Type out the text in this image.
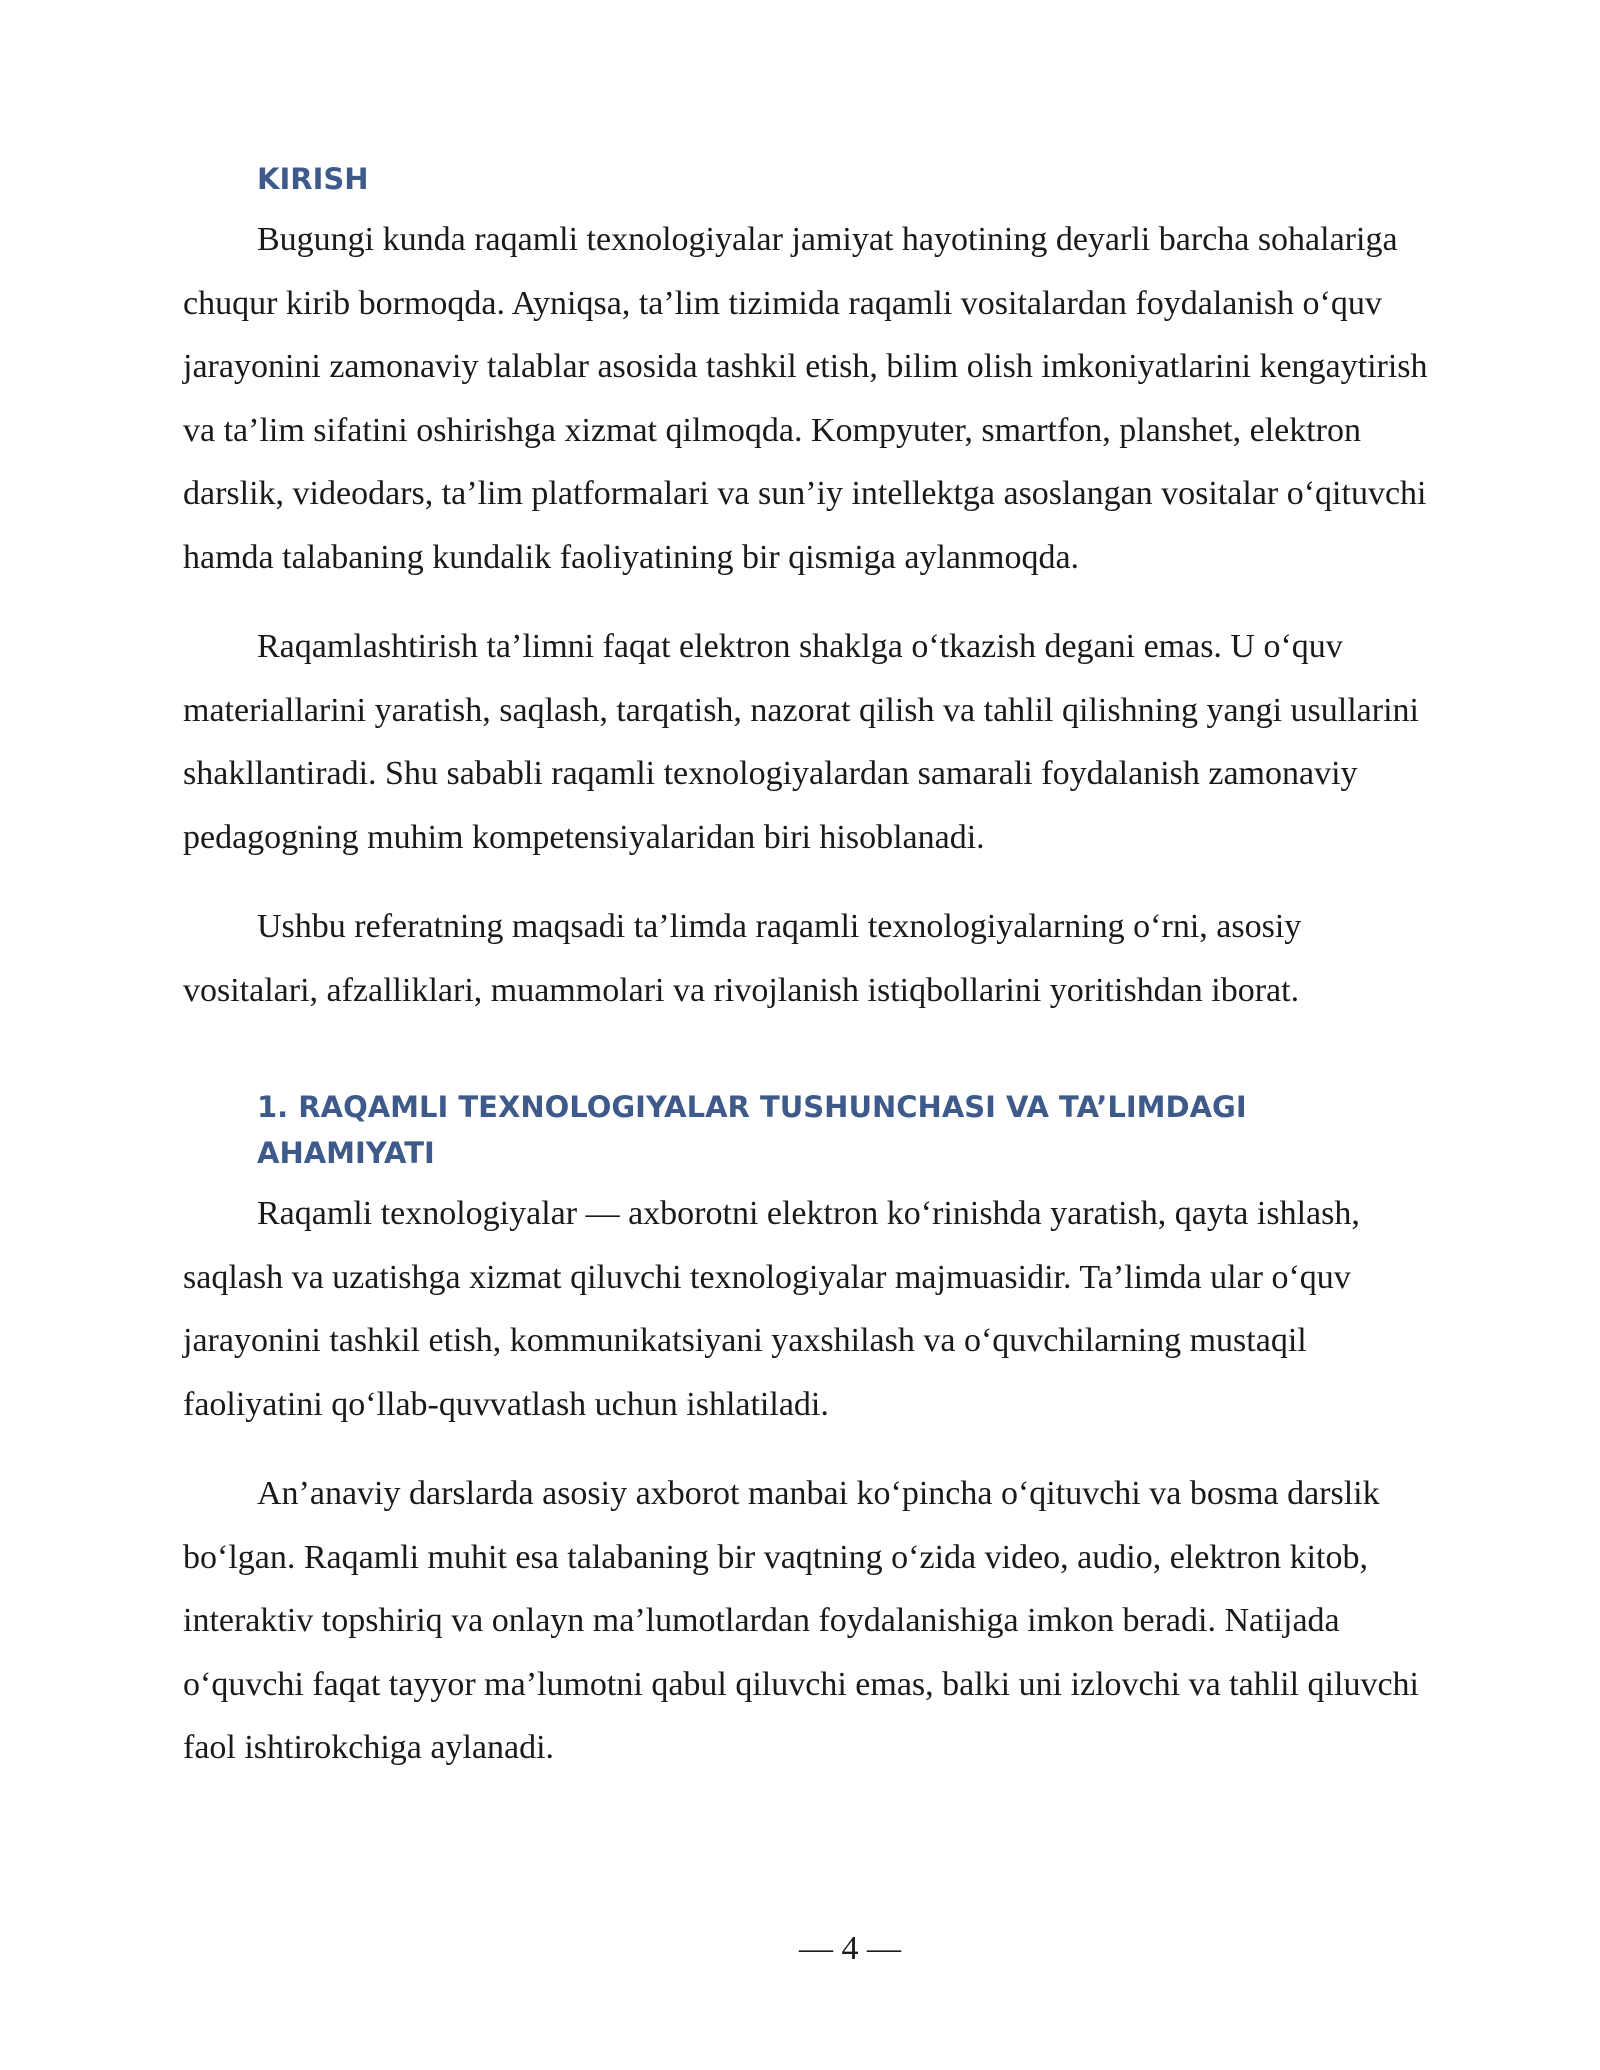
KIRISH

Bugungi kunda raqamli texnologiyalar jamiyat hayotining deyarli barcha sohalariga chuqur kirib bormoqda. Ayniqsa, ta’lim tizimida raqamli vositalardan foydalanish o‘quv jarayonini zamonaviy talablar asosida tashkil etish, bilim olish imkoniyatlarini kengaytirish va ta’lim sifatini oshirishga xizmat qilmoqda. Kompyuter, smartfon, planshet, elektron darslik, videodars, ta’lim platformalari va sun’iy intellektga asoslangan vositalar o‘qituvchi hamda talabaning kundalik faoliyatining bir qismiga aylanmoqda.

Raqamlashtirish ta’limni faqat elektron shaklga o‘tkazish degani emas. U o‘quv materiallarini yaratish, saqlash, tarqatish, nazorat qilish va tahlil qilishning yangi usullarini shakllantiradi. Shu sababli raqamli texnologiyalardan samarali foydalanish zamonaviy pedagogning muhim kompetensiyalaridan biri hisoblanadi.

Ushbu referatning maqsadi ta’limda raqamli texnologiyalarning o‘rni, asosiy vositalari, afzalliklari, muammolari va rivojlanish istiqbollarini yoritishdan iborat.

1. RAQAMLI TEXNOLOGIYALAR TUSHUNCHASI VA TA’LIMDAGI AHAMIYATI

Raqamli texnologiyalar — axborotni elektron ko‘rinishda yaratish, qayta ishlash, saqlash va uzatishga xizmat qiluvchi texnologiyalar majmuasidir. Ta’limda ular o‘quv jarayonini tashkil etish, kommunikatsiyani yaxshilash va o‘quvchilarning mustaqil faoliyatini qo‘llab-quvvatlash uchun ishlatiladi.

An’anaviy darslarda asosiy axborot manbai ko‘pincha o‘qituvchi va bosma darslik bo‘lgan. Raqamli muhit esa talabaning bir vaqtning o‘zida video, audio, elektron kitob, interaktiv topshiriq va onlayn ma’lumotlardan foydalanishiga imkon beradi. Natijada o‘quvchi faqat tayyor ma’lumotni qabul qiluvchi emas, balki uni izlovchi va tahlil qiluvchi faol ishtirokchiga aylanadi.

— 4 —
